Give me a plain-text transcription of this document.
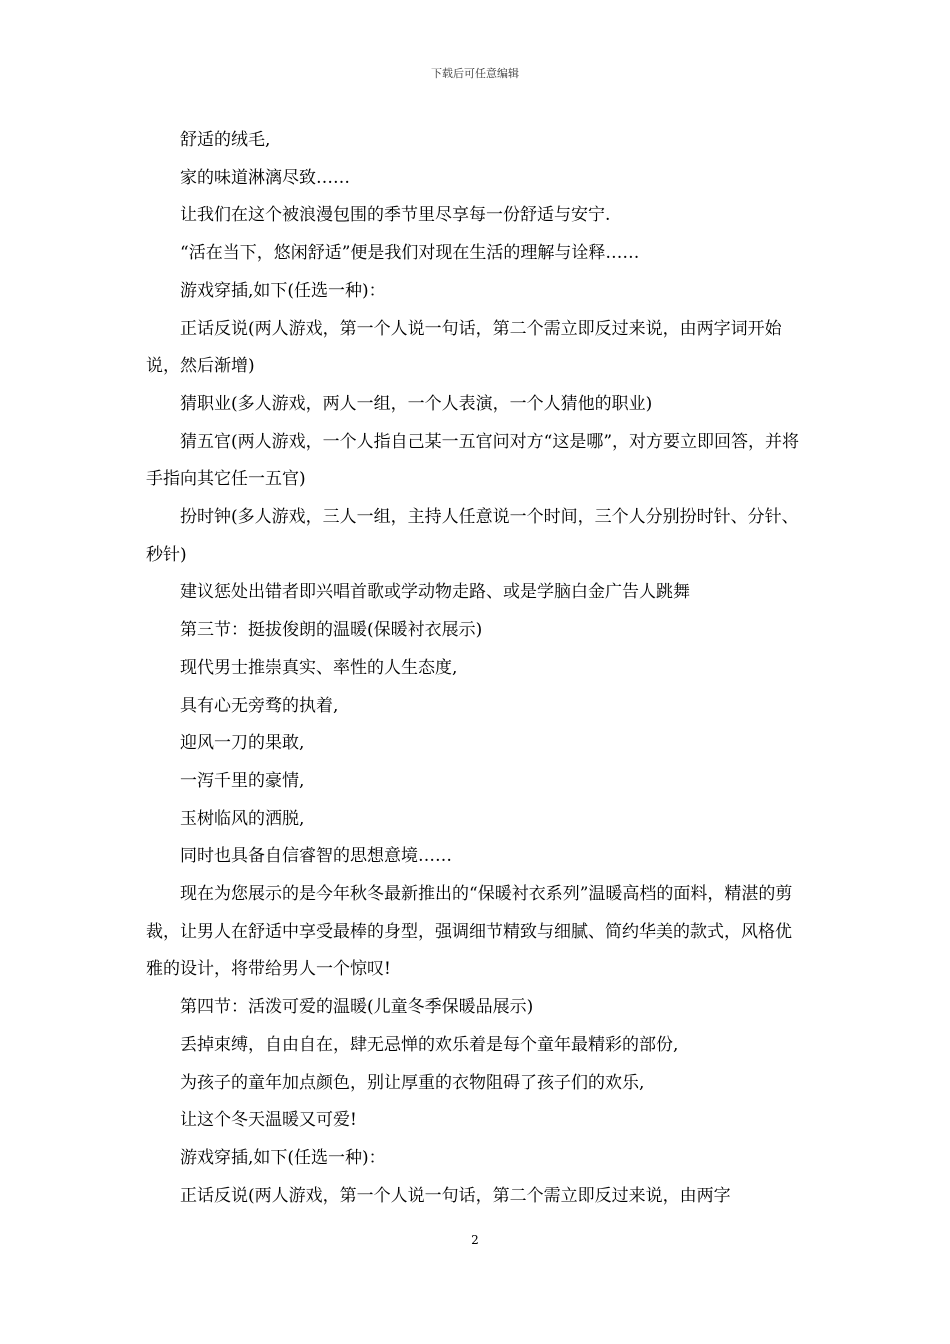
下载后可任意编辑

舒适的绒毛,

家的味道淋漓尽致……

让我们在这个被浪漫包围的季节里尽享每一份舒适与安宁.

“活在当下，悠闲舒适”便是我们对现在生活的理解与诠释……

游戏穿插,如下(任选一种)：

正话反说(两人游戏，第一个人说一句话，第二个需立即反过来说，由两字词开始说，然后渐增)

猜职业(多人游戏，两人一组，一个人表演，一个人猜他的职业)

猜五官(两人游戏，一个人指自己某一五官问对方“这是哪”，对方要立即回答，并将手指向其它任一五官)

扮时钟(多人游戏，三人一组，主持人任意说一个时间，三个人分别扮时针、分针、秒针)

建议惩处出错者即兴唱首歌或学动物走路、或是学脑白金广告人跳舞

第三节：挺拔俊朗的温暖(保暖衬衣展示)

现代男士推崇真实、率性的人生态度,

具有心无旁骛的执着,

迎风一刀的果敢,

一泻千里的豪情,

玉树临风的洒脱,

同时也具备自信睿智的思想意境……

现在为您展示的是今年秋冬最新推出的“保暖衬衣系列”温暖高档的面料，精湛的剪裁，让男人在舒适中享受最棒的身型，强调细节精致与细腻、简约华美的款式，风格优雅的设计，将带给男人一个惊叹!

第四节：活泼可爱的温暖(儿童冬季保暖品展示)

丢掉束缚，自由自在，肆无忌惮的欢乐着是每个童年最精彩的部份,

为孩子的童年加点颜色，别让厚重的衣物阻碍了孩子们的欢乐,

让这个冬天温暖又可爱!

游戏穿插,如下(任选一种)：

正话反说(两人游戏，第一个人说一句话，第二个需立即反过来说，由两字

2
